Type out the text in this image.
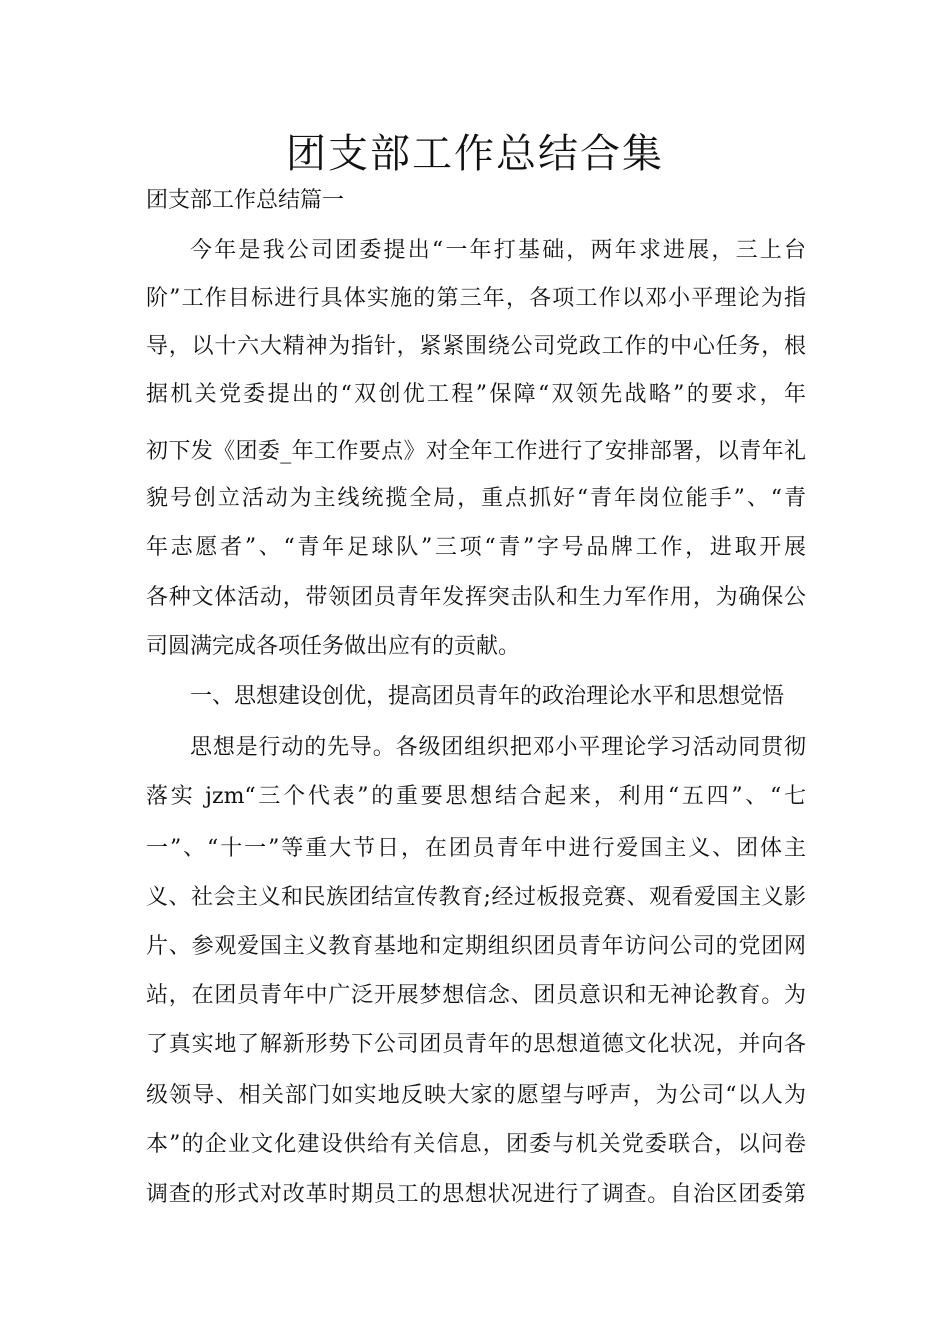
团支部工作总结合集
团支部工作总结篇一
今年是我公司团委提出“一年打基础，两年求进展，三上台
阶”工作目标进行具体实施的第三年，各项工作以邓小平理论为指
导，以十六大精神为指针，紧紧围绕公司党政工作的中心任务，根
据机关党委提出的“双创优工程”保障“双领先战略”的要求，年
初下发《团委_年工作要点》对全年工作进行了安排部署，以青年礼
貌号创立活动为主线统揽全局，重点抓好“青年岗位能手”、“青
年志愿者”、“青年足球队”三项“青”字号品牌工作，进取开展
各种文体活动，带领团员青年发挥突击队和生力军作用，为确保公
司圆满完成各项任务做出应有的贡献。
一、思想建设创优，提高团员青年的政治理论水平和思想觉悟
思想是行动的先导。各级团组织把邓小平理论学习活动同贯彻
落实 jzm“三个代表”的重要思想结合起来，利用“五四”、“七
一”、“十一”等重大节日，在团员青年中进行爱国主义、团体主
义、社会主义和民族团结宣传教育;经过板报竞赛、观看爱国主义影
片、参观爱国主义教育基地和定期组织团员青年访问公司的党团网
站，在团员青年中广泛开展梦想信念、团员意识和无神论教育。为
了真实地了解新形势下公司团员青年的思想道德文化状况，并向各
级领导、相关部门如实地反映大家的愿望与呼声，为公司“以人为
本”的企业文化建设供给有关信息，团委与机关党委联合，以问卷
调查的形式对改革时期员工的思想状况进行了调查。自治区团委第
